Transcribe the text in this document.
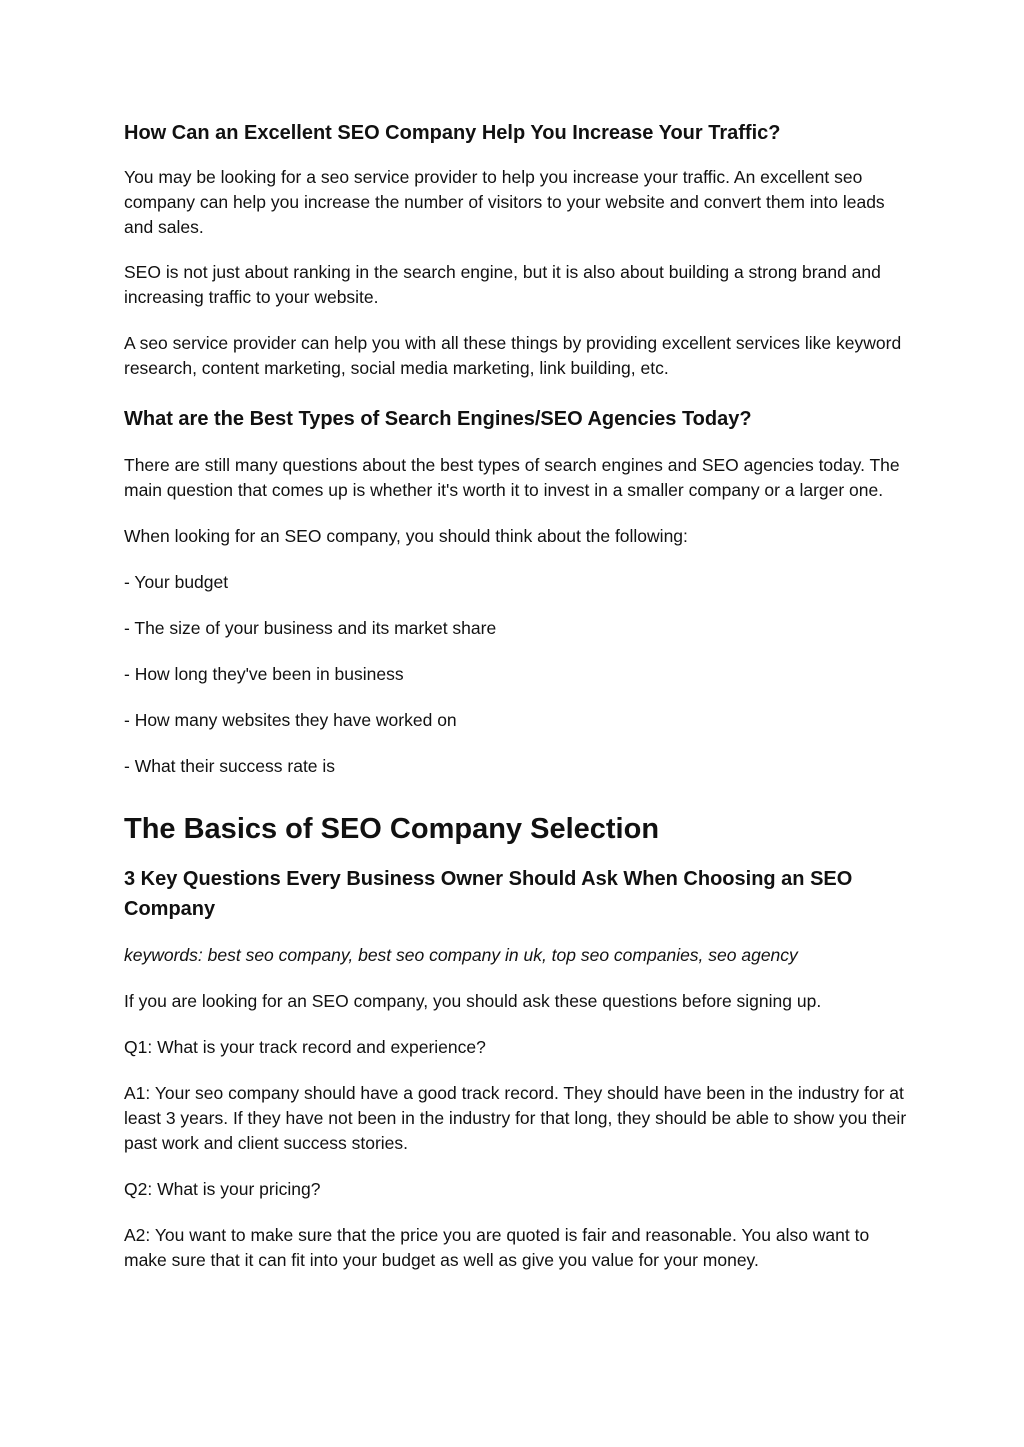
How Can an Excellent SEO Company Help You Increase Your Traffic?

You may be looking for a seo service provider to help you increase your traffic. An excellent seo company can help you increase the number of visitors to your website and convert them into leads and sales.

SEO is not just about ranking in the search engine, but it is also about building a strong brand and increasing traffic to your website.

A seo service provider can help you with all these things by providing excellent services like keyword research, content marketing, social media marketing, link building, etc.

What are the Best Types of Search Engines/SEO Agencies Today?

There are still many questions about the best types of search engines and SEO agencies today. The main question that comes up is whether it's worth it to invest in a smaller company or a larger one.

When looking for an SEO company, you should think about the following:

- Your budget

- The size of your business and its market share

- How long they've been in business

- How many websites they have worked on

- What their success rate is

The Basics of SEO Company Selection
3 Key Questions Every Business Owner Should Ask When Choosing an SEO Company

keywords: best seo company, best seo company in uk, top seo companies, seo agency

If you are looking for an SEO company, you should ask these questions before signing up.

Q1: What is your track record and experience?

A1: Your seo company should have a good track record. They should have been in the industry for at least 3 years. If they have not been in the industry for that long, they should be able to show you their past work and client success stories.

Q2: What is your pricing?

A2: You want to make sure that the price you are quoted is fair and reasonable. You also want to make sure that it can fit into your budget as well as give you value for your money.
